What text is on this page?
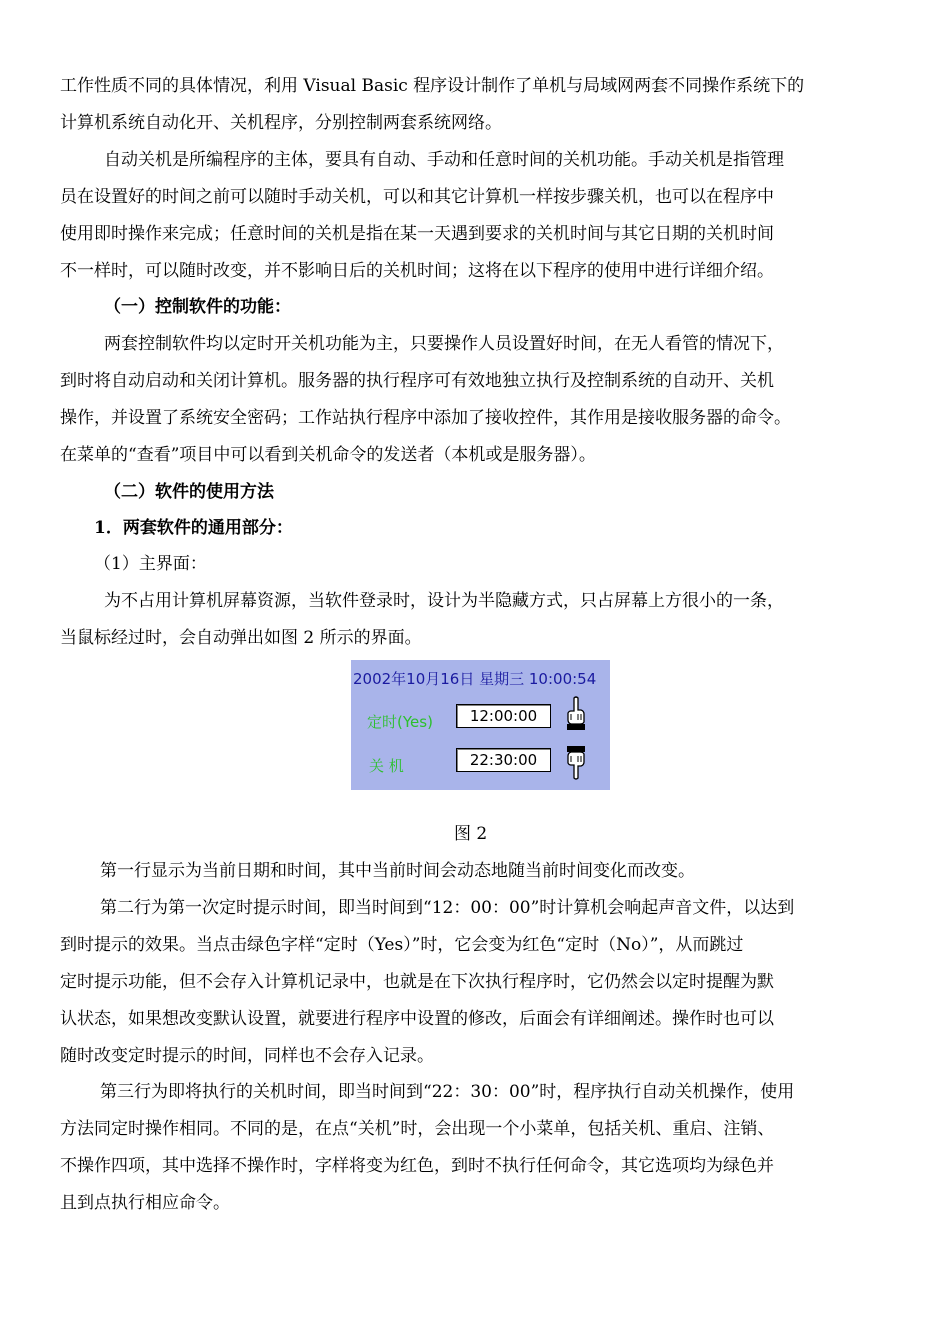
工作性质不同的具体情况，利用 Visual Basic 程序设计制作了单机与局域网两套不同操作系统下的
计算机系统自动化开、关机程序，分别控制两套系统网络。
自动关机是所编程序的主体，要具有自动、手动和任意时间的关机功能。手动关机是指管理
员在设置好的时间之前可以随时手动关机，可以和其它计算机一样按步骤关机，也可以在程序中
使用即时操作来完成；任意时间的关机是指在某一天遇到要求的关机时间与其它日期的关机时间
不一样时，可以随时改变，并不影响日后的关机时间；这将在以下程序的使用中进行详细介绍。
（一）控制软件的功能：
两套控制软件均以定时开关机功能为主，只要操作人员设置好时间，在无人看管的情况下，
到时将自动启动和关闭计算机。服务器的执行程序可有效地独立执行及控制系统的自动开、关机
操作，并设置了系统安全密码；工作站执行程序中添加了接收控件，其作用是接收服务器的命令。
在菜单的“查看”项目中可以看到关机命令的发送者（本机或是服务器）。
（二）软件的使用方法
1．两套软件的通用部分：
（1）主界面：
为不占用计算机屏幕资源，当软件登录时，设计为半隐藏方式，只占屏幕上方很小的一条，
当鼠标经过时，会自动弹出如图 2 所示的界面。
2002年10月16日 星期三 10:00:54
定时(Yes)	12:00:00
关 机	22:30:00
图 2
第一行显示为当前日期和时间，其中当前时间会动态地随当前时间变化而改变。
第二行为第一次定时提示时间，即当时间到“12：00：00”时计算机会响起声音文件，以达到
到时提示的效果。当点击绿色字样“定时（Yes）”时，它会变为红色“定时（No）”，从而跳过
定时提示功能，但不会存入计算机记录中，也就是在下次执行程序时，它仍然会以定时提醒为默
认状态，如果想改变默认设置，就要进行程序中设置的修改，后面会有详细阐述。操作时也可以
随时改变定时提示的时间，同样也不会存入记录。
第三行为即将执行的关机时间，即当时间到“22：30：00”时，程序执行自动关机操作，使用
方法同定时操作相同。不同的是，在点“关机”时，会出现一个小菜单，包括关机、重启、注销、
不操作四项，其中选择不操作时，字样将变为红色，到时不执行任何命令，其它选项均为绿色并
且到点执行相应命令。
